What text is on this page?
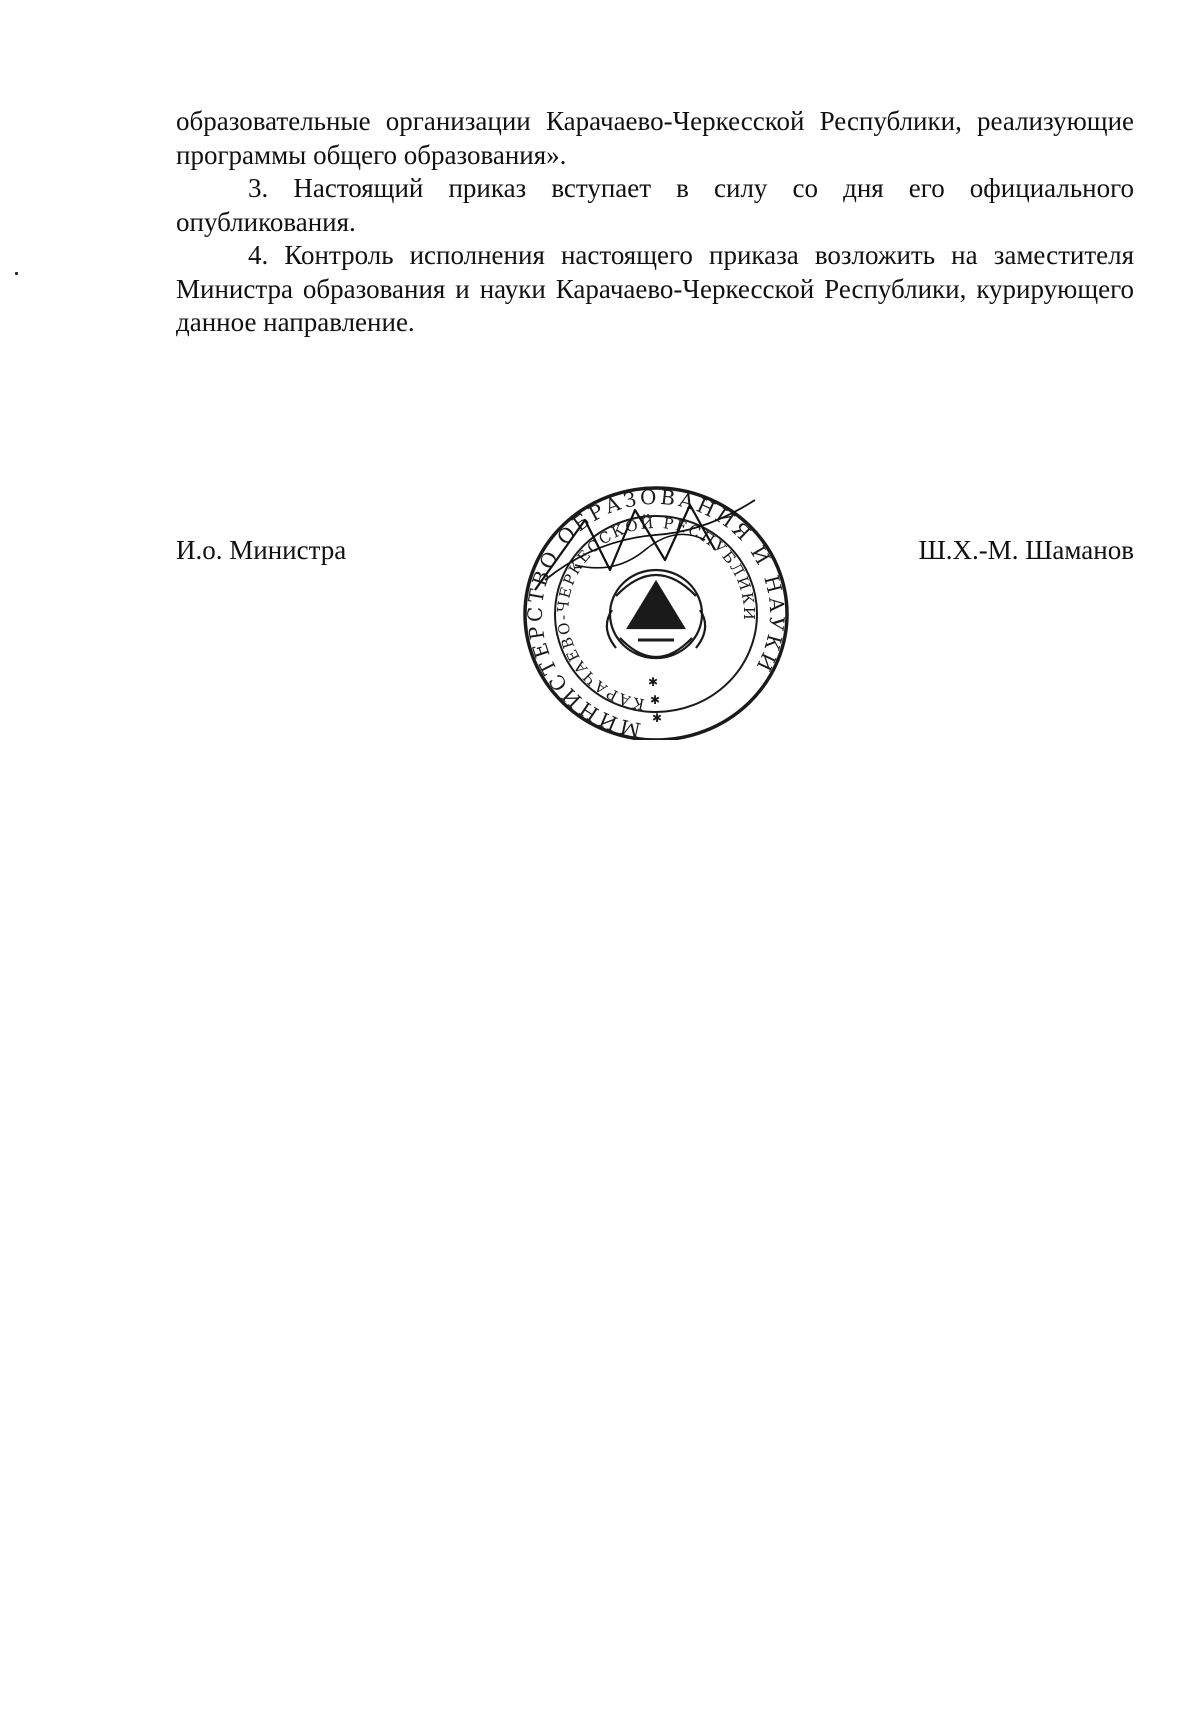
образовательные организации Карачаево-Черкесской Республики, реализующие программы общего образования».

3. Настоящий приказ вступает в силу со дня его официального опубликования.

4. Контроль исполнения настоящего приказа возложить на заместителя Министра образования и науки Карачаево-Черкесской Республики, курирующего данное направление.

И.о. Министра	Ш.Х.-М. Шаманов
МИНИСТЕРСТВО ОБРАЗОВАНИЯ И НАУКИ
КАРАЧАЕВО-ЧЕРКЕССКОЙ РЕСПУБЛИКИ
✱
✱
✱
